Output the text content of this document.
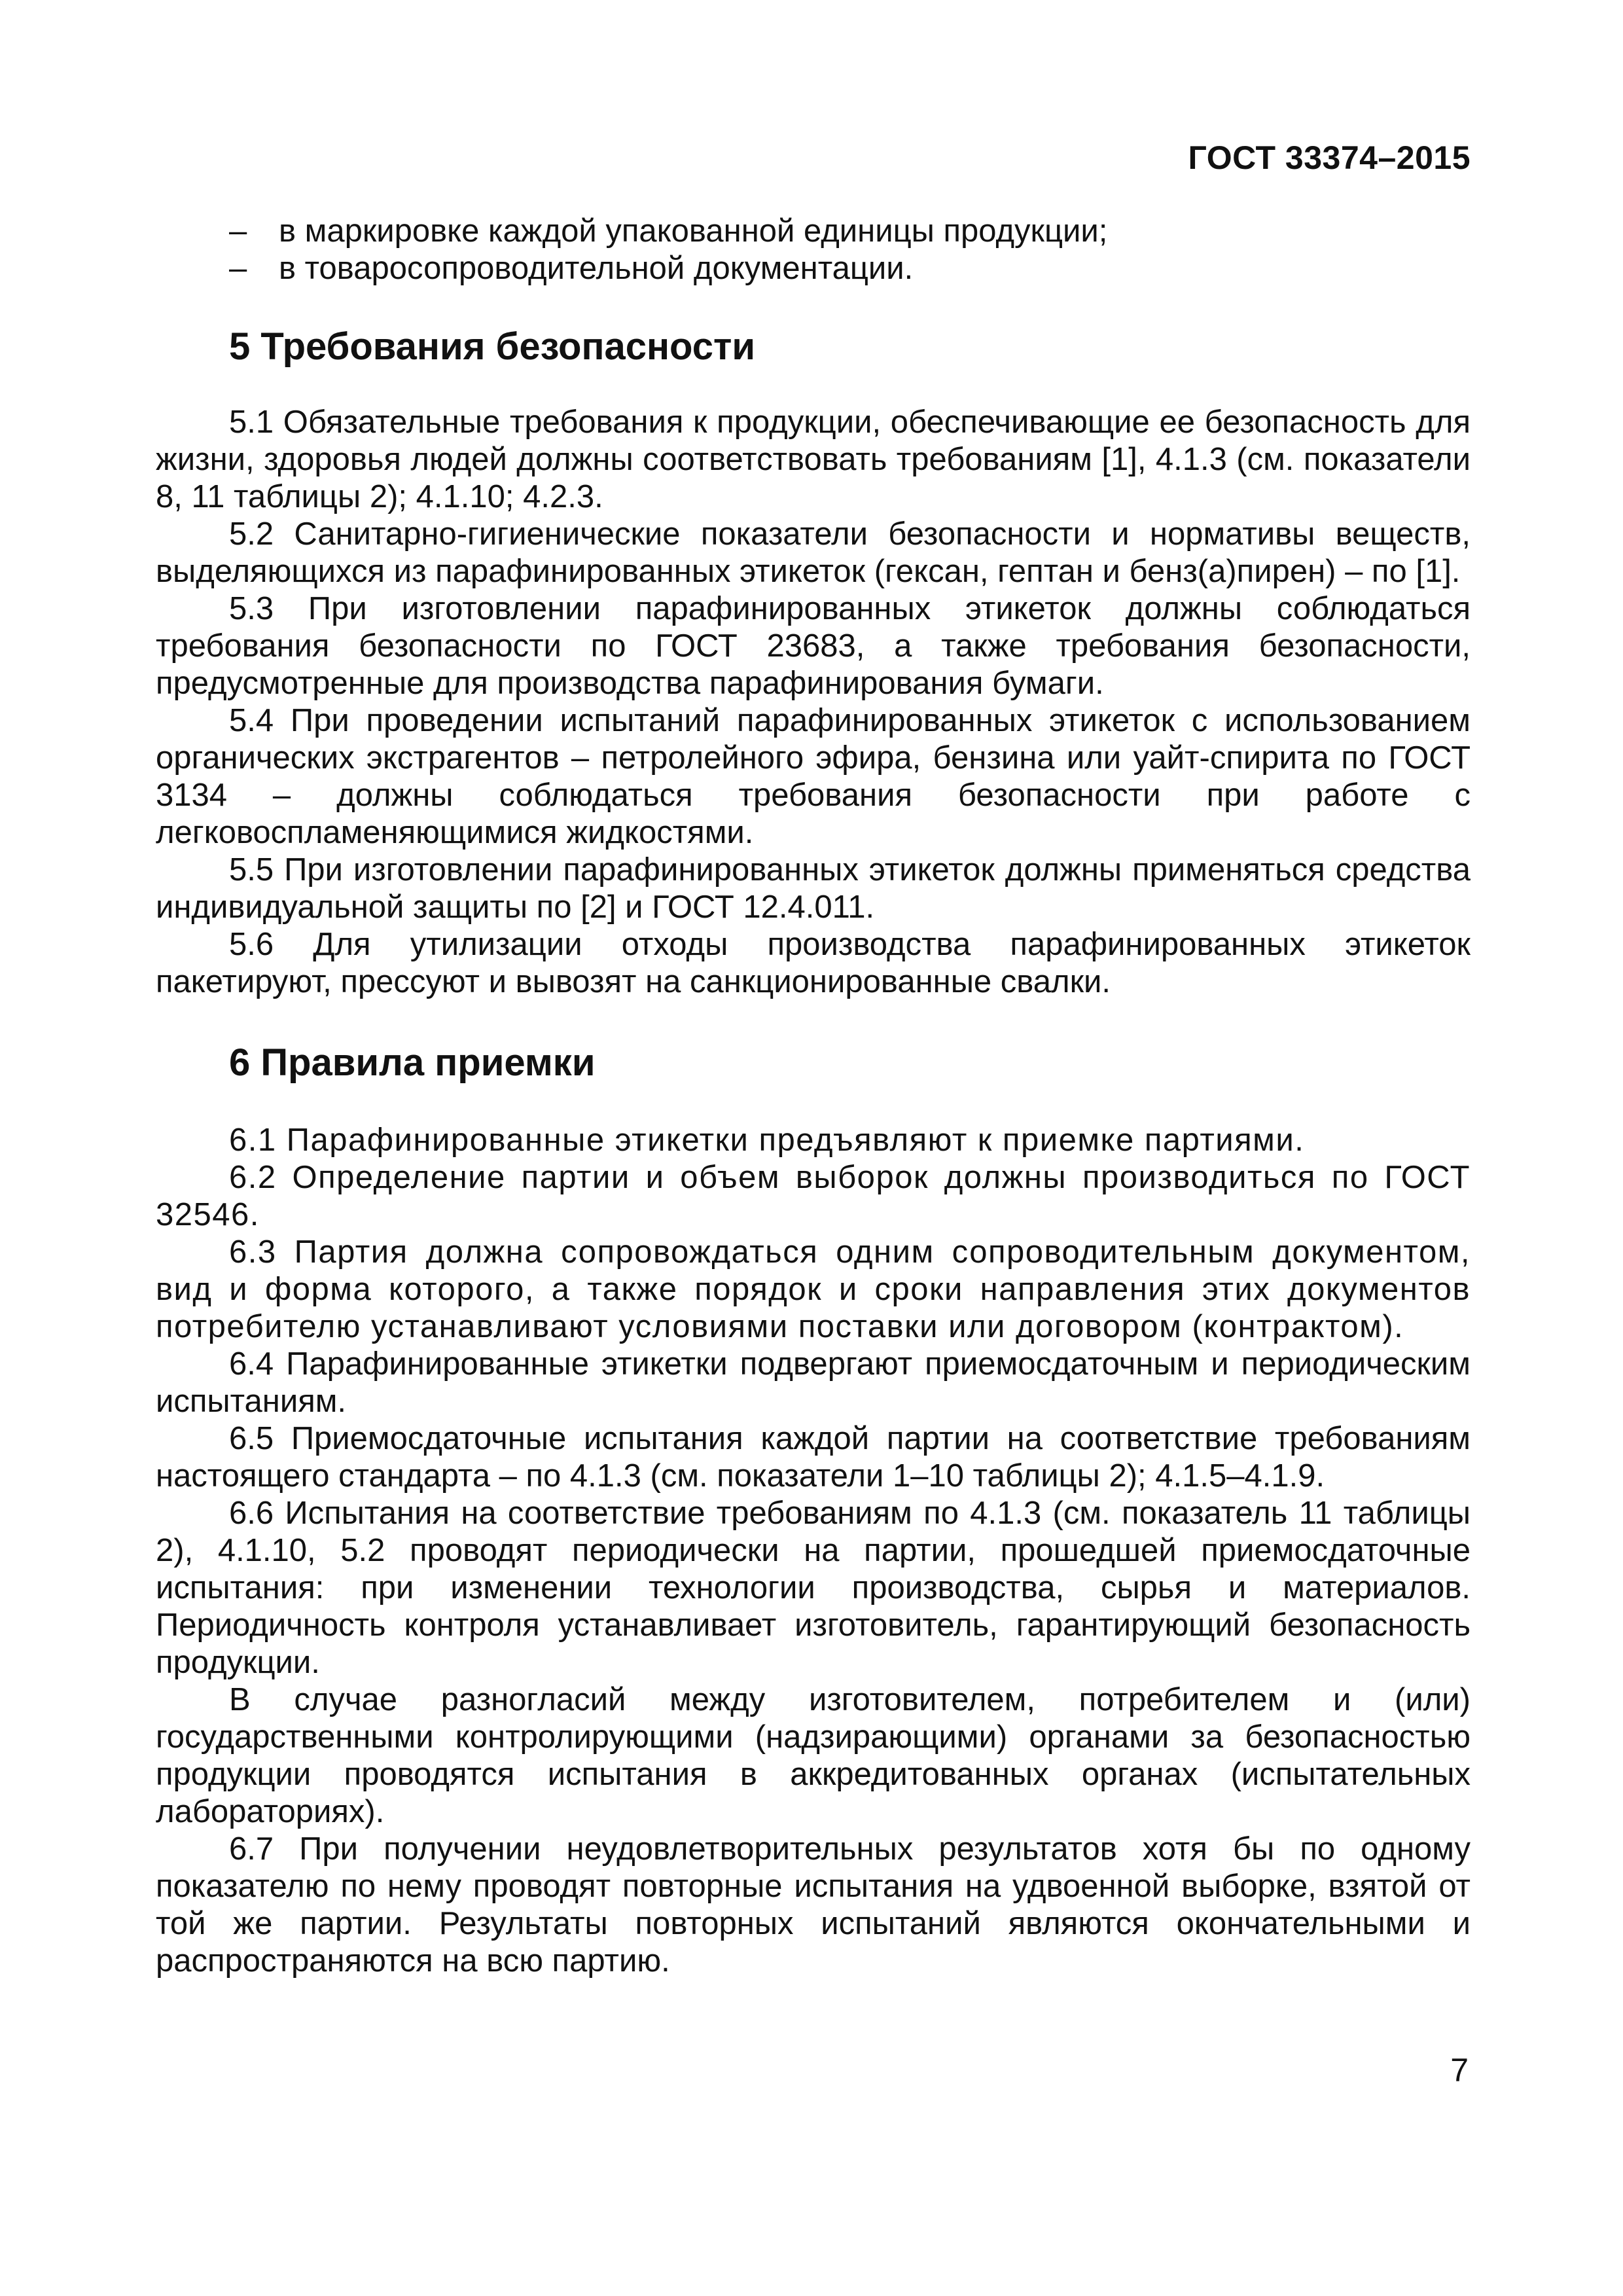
ГОСТ 33374–2015
– в маркировке каждой упакованной единицы продукции;
– в товаросопроводительной документации.
5 Требования безопасности

5.1 Обязательные требования к продукции, обеспечивающие ее безопасность для жизни, здоровья людей должны соответствовать требованиям [1], 4.1.3 (см. показатели 8, 11 таблицы 2); 4.1.10; 4.2.3.

5.2 Санитарно-гигиенические показатели безопасности и нормативы веществ, выделяющихся из парафинированных этикеток (гексан, гептан и бенз(а)пирен) – по [1].

5.3 При изготовлении парафинированных этикеток должны соблюдаться требования безопасности по ГОСТ 23683, а также требования безопасности, предусмотренные для производства парафинирования бумаги.

5.4 При проведении испытаний парафинированных этикеток с использованием органических экстрагентов – петролейного эфира, бензина или уайт-спирита по ГОСТ 3134 – должны соблюдаться требования безопасности при работе с легковоспламеняющимися жидкостями.

5.5 При изготовлении парафинированных этикеток должны применяться средства индивидуальной защиты по [2] и ГОСТ 12.4.011.

5.6 Для утилизации отходы производства парафинированных этикеток пакетируют, прессуют и вывозят на санкционированные свалки.

6 Правила приемки

6.1 Парафинированные этикетки предъявляют к приемке партиями.

6.2 Определение партии и объем выборок должны производиться по ГОСТ 32546.

6.3 Партия должна сопровождаться одним сопроводительным документом, вид и форма которого, а также порядок и сроки направления этих документов потребителю устанавливают условиями поставки или договором (контрактом).

6.4 Парафинированные этикетки подвергают приемосдаточным и периодическим испытаниям.

6.5 Приемосдаточные испытания каждой партии на соответствие требованиям настоящего стандарта – по 4.1.3 (см. показатели 1–10 таблицы 2); 4.1.5–4.1.9.

6.6 Испытания на соответствие требованиям по 4.1.3 (см. показатель 11 таблицы 2), 4.1.10, 5.2 проводят периодически на партии, прошедшей приемосдаточные испытания: при изменении технологии производства, сырья и материалов. Периодичность контроля устанавливает изготовитель, гарантирующий безопасность продукции.

В случае разногласий между изготовителем, потребителем и (или) государственными контролирующими (надзирающими) органами за безопасностью продукции проводятся испытания в аккредитованных органах (испытательных лабораториях).

6.7 При получении неудовлетворительных результатов хотя бы по одному показателю по нему проводят повторные испытания на удвоенной выборке, взятой от той же партии. Результаты повторных испытаний являются окончательными и распространяются на всю партию.

7
